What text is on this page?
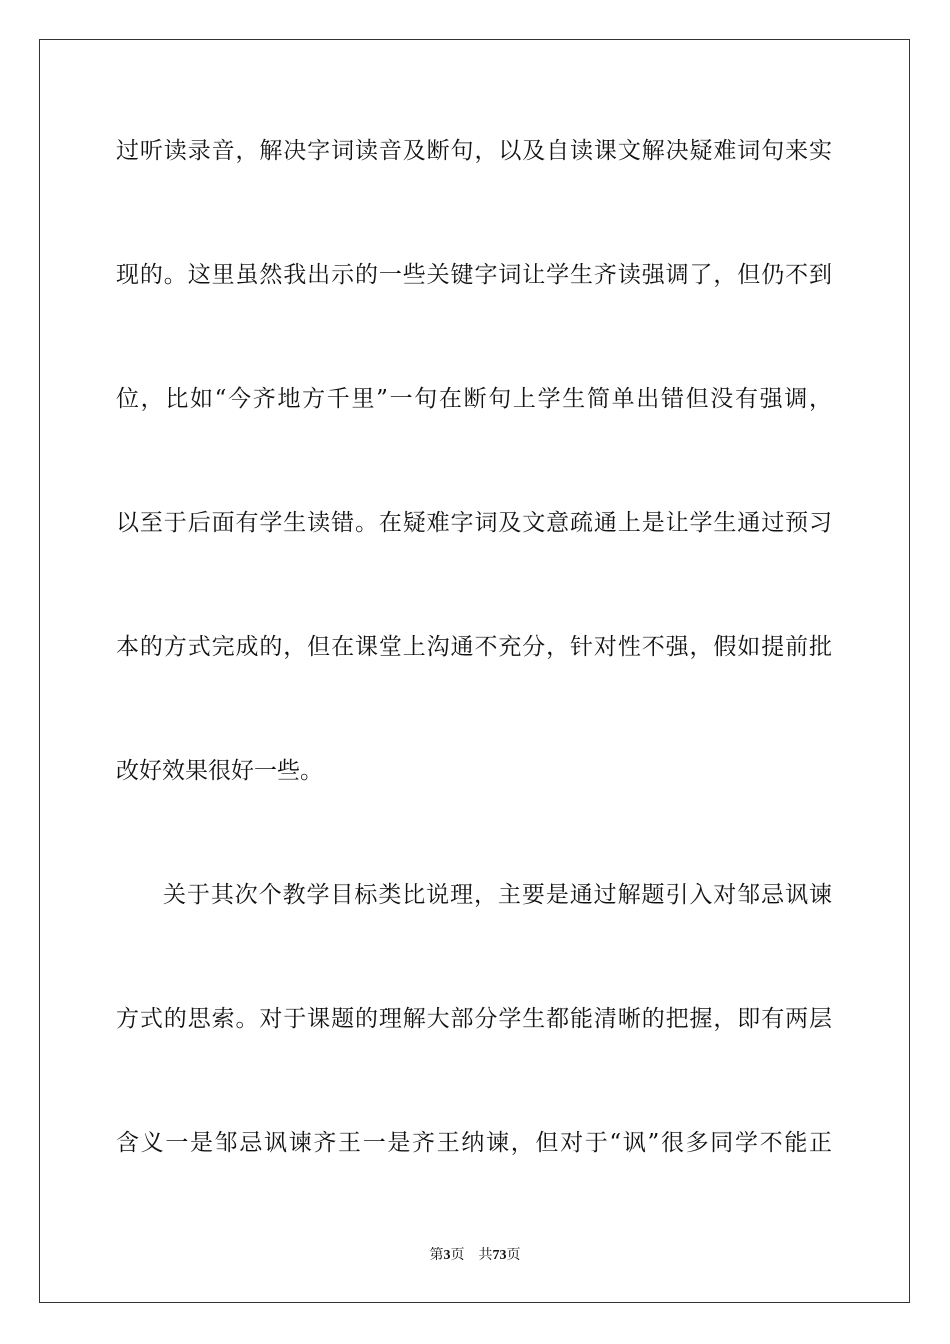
过听读录音，解决字词读音及断句，以及自读课文解决疑难词句来实
现的。这里虽然我出示的一些关键字词让学生齐读强调了，但仍不到
位，比如“今齐地方千里”一句在断句上学生简单出错但没有强调，
以至于后面有学生读错。在疑难字词及文意疏通上是让学生通过预习
本的方式完成的，但在课堂上沟通不充分，针对性不强，假如提前批
改好效果很好一些。
关于其次个教学目标类比说理，主要是通过解题引入对邹忌讽谏
方式的思索。对于课题的理解大部分学生都能清晰的把握，即有两层
含义一是邹忌讽谏齐王一是齐王纳谏，但对于“讽”很多同学不能正
第3页 共73页
